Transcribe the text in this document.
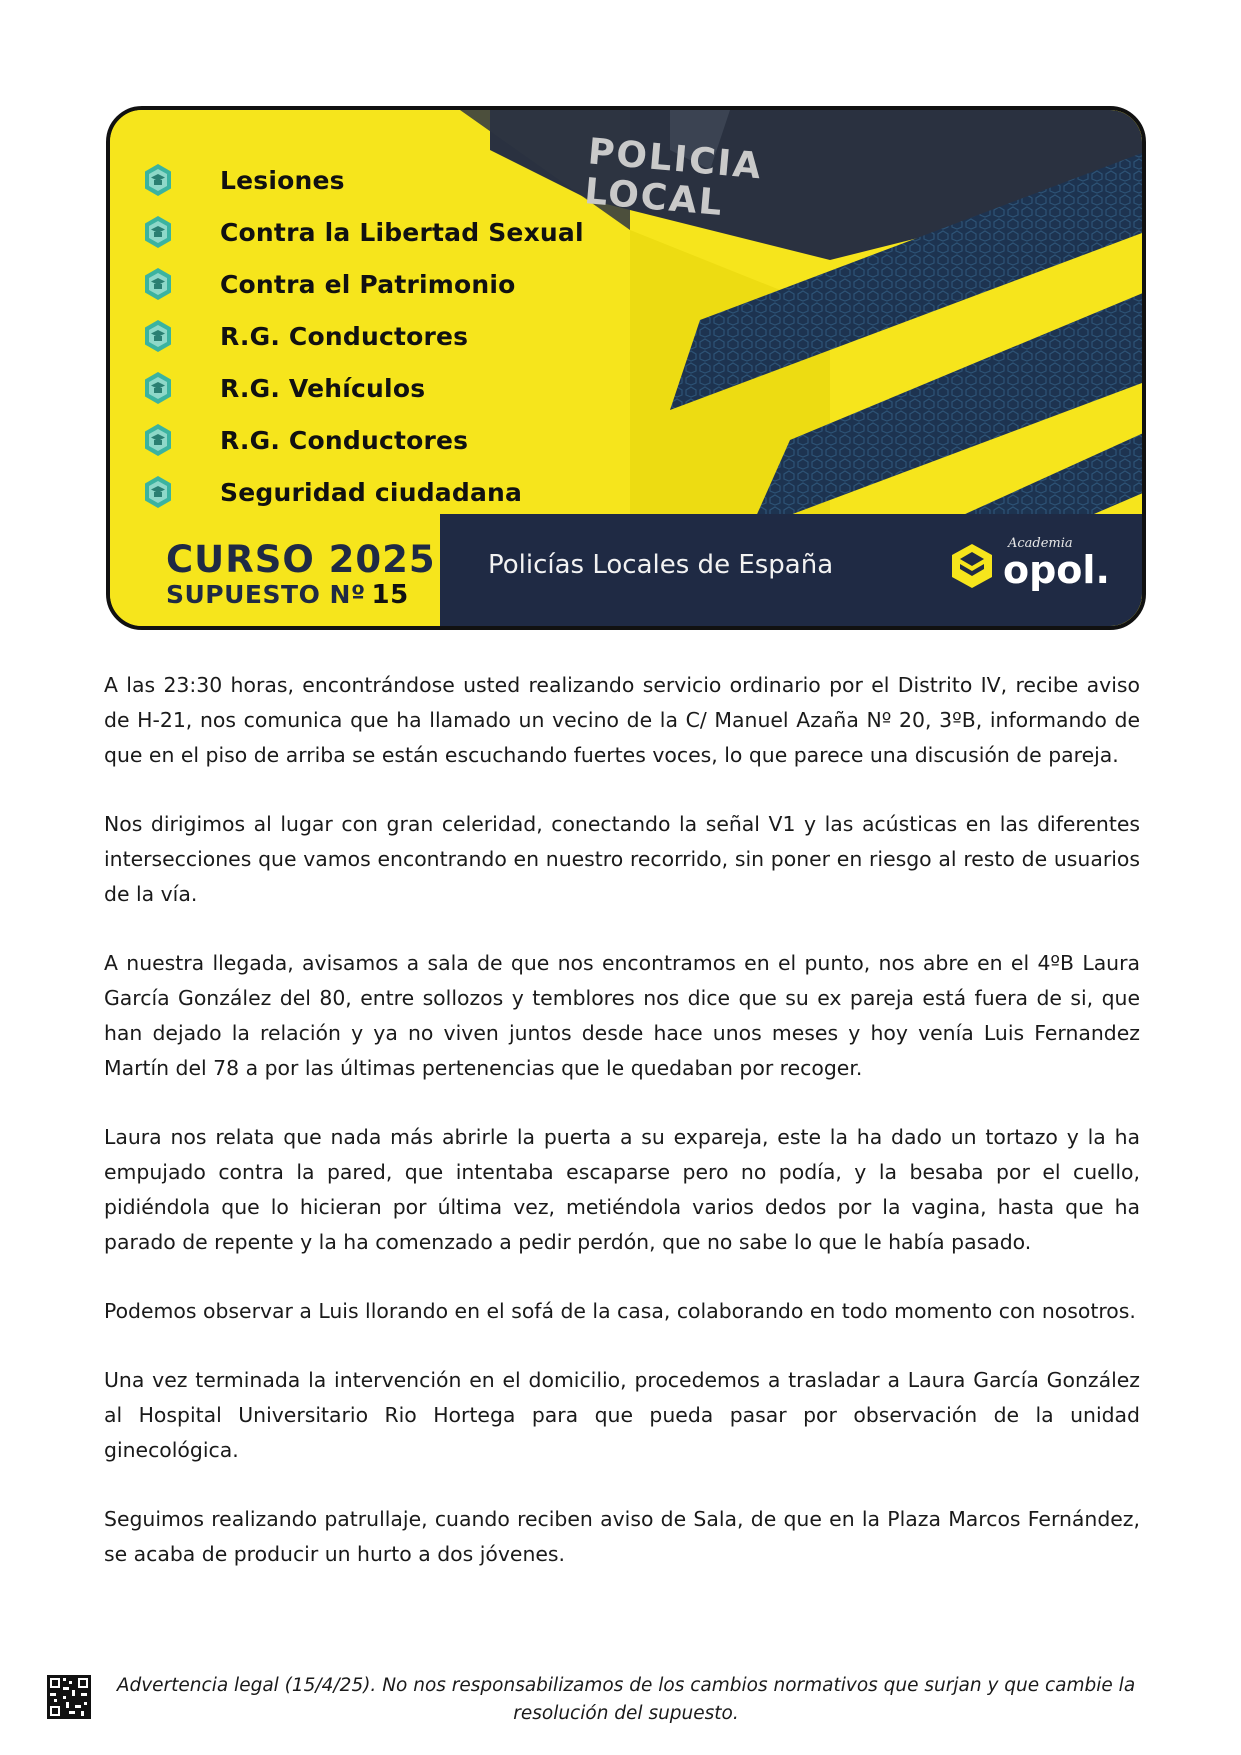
POLICIA LOCAL
Lesiones
Contra la Libertad Sexual
Contra el Patrimonio
R.G. Conductores
R.G. Vehículos
R.G. Conductores
Seguridad ciudadana
CURSO 2025
SUPUESTO Nº 15
Policías Locales de España
Academia
opol.

A las 23:30 horas, encontrándose usted realizando servicio ordinario por el Distrito IV, recibe aviso de H-21, nos comunica que ha llamado un vecino de la C/ Manuel Azaña Nº 20, 3ºB, informando de que en el piso de arriba se están escuchando fuertes voces, lo que parece una discusión de pareja.

Nos dirigimos al lugar con gran celeridad, conectando la señal V1 y las acústicas en las diferentes intersecciones que vamos encontrando en nuestro recorrido, sin poner en riesgo al resto de usuarios de la vía.

A nuestra llegada, avisamos a sala de que nos encontramos en el punto, nos abre en el 4ºB Laura García González del 80, entre sollozos y temblores nos dice que su ex pareja está fuera de si, que han dejado la relación y ya no viven juntos desde hace unos meses y hoy venía Luis Fernandez Martín del 78 a por las últimas pertenencias que le quedaban por recoger.

Laura nos relata que nada más abrirle la puerta a su expareja, este la ha dado un tortazo y la ha empujado contra la pared, que intentaba escaparse pero no podía, y la besaba por el cuello, pidiéndola que lo hicieran por última vez, metiéndola varios dedos por la vagina, hasta que ha parado de repente y la ha comenzado a pedir perdón, que no sabe lo que le había pasado.

Podemos observar a Luis llorando en el sofá de la casa, colaborando en todo momento con nosotros.

Una vez terminada la intervención en el domicilio, procedemos a trasladar a Laura García González al Hospital Universitario Rio Hortega para que pueda pasar por observación de la unidad ginecológica.

Seguimos realizando patrullaje, cuando reciben aviso de Sala, de que en la Plaza Marcos Fernández, se acaba de producir un hurto a dos jóvenes.

Advertencia legal (15/4/25). No nos responsabilizamos de los cambios normativos que surjan y que cambie la resolución del supuesto.
